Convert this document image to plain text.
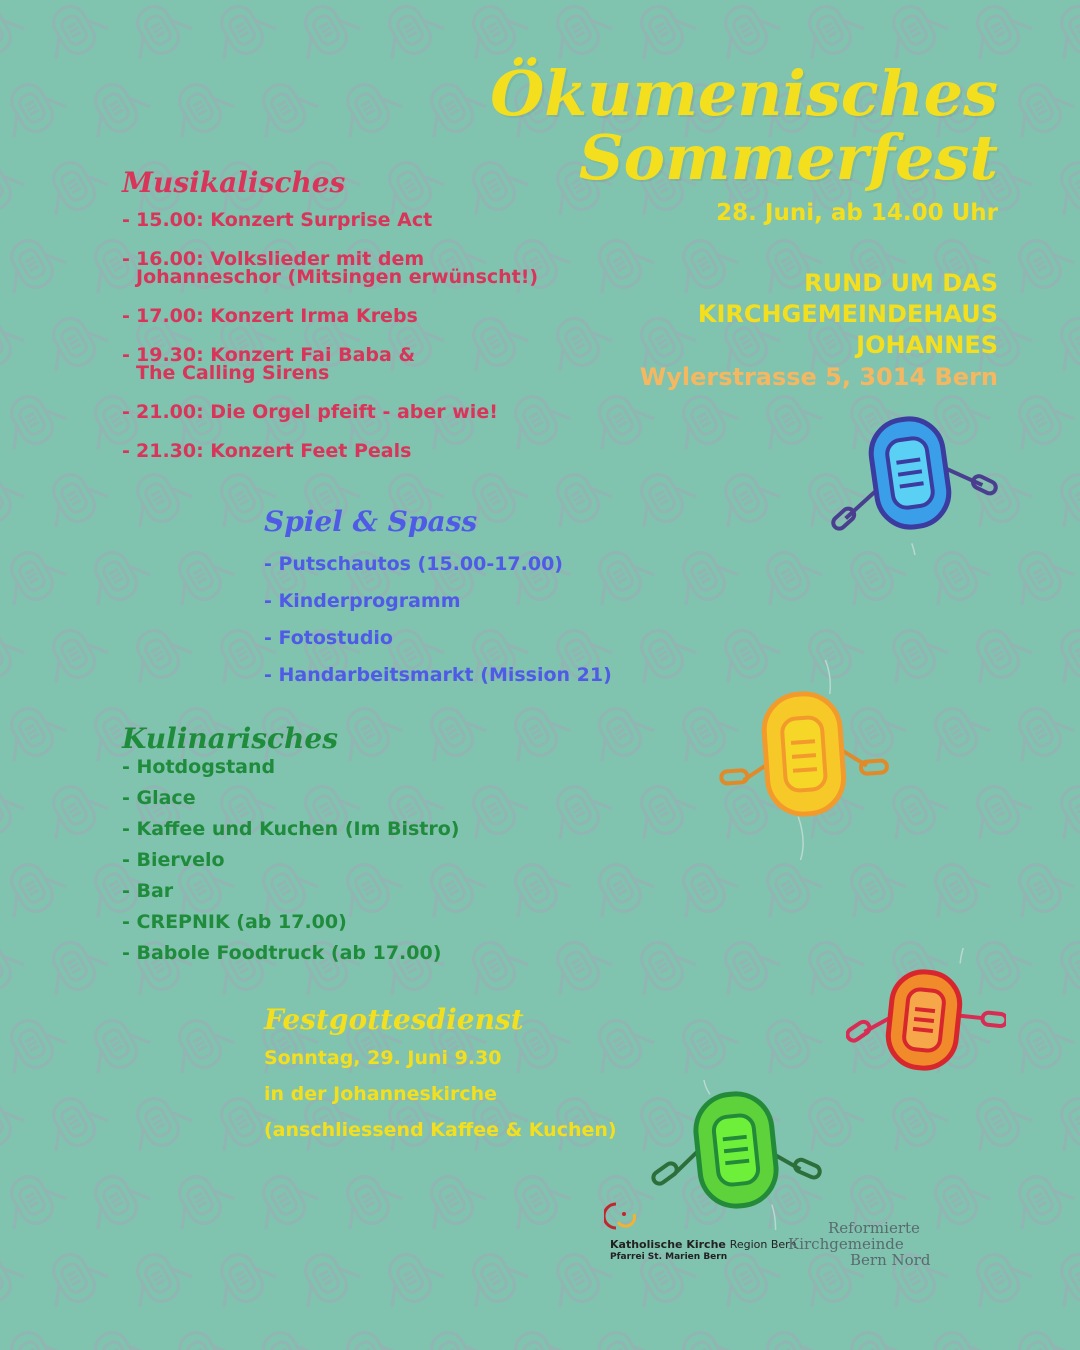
Ökumenisches
Sommerfest
28. Juni, ab 14.00 Uhr
RUND UM DAS
KIRCHGEMEINDEHAUS
JOHANNES
Wylerstrasse 5, 3014 Bern
Musikalisches
- 15.00: Konzert Surprise Act
- 16.00: Volkslieder mit dem
Johanneschor (Mitsingen erwünscht!)
- 17.00: Konzert Irma Krebs
- 19.30: Konzert Fai Baba &
The Calling Sirens
- 21.00: Die Orgel pfeift - aber wie!
- 21.30: Konzert Feet Peals
Spiel & Spass
- Putschautos (15.00-17.00)
- Kinderprogramm
- Fotostudio
- Handarbeitsmarkt (Mission 21)
Kulinarisches
- Hotdogstand
- Glace
- Kaffee und Kuchen (Im Bistro)
- Biervelo
- Bar
- CREPNIK (ab 17.00)
- Babole Foodtruck (ab 17.00)
Festgottesdienst
Sonntag, 29. Juni 9.30
in der Johanneskirche
(anschliessend Kaffee & Kuchen)
Katholische Kirche Region Bern
Pfarrei St. Marien Bern
Reformierte
Kirchgemeinde
Bern Nord
